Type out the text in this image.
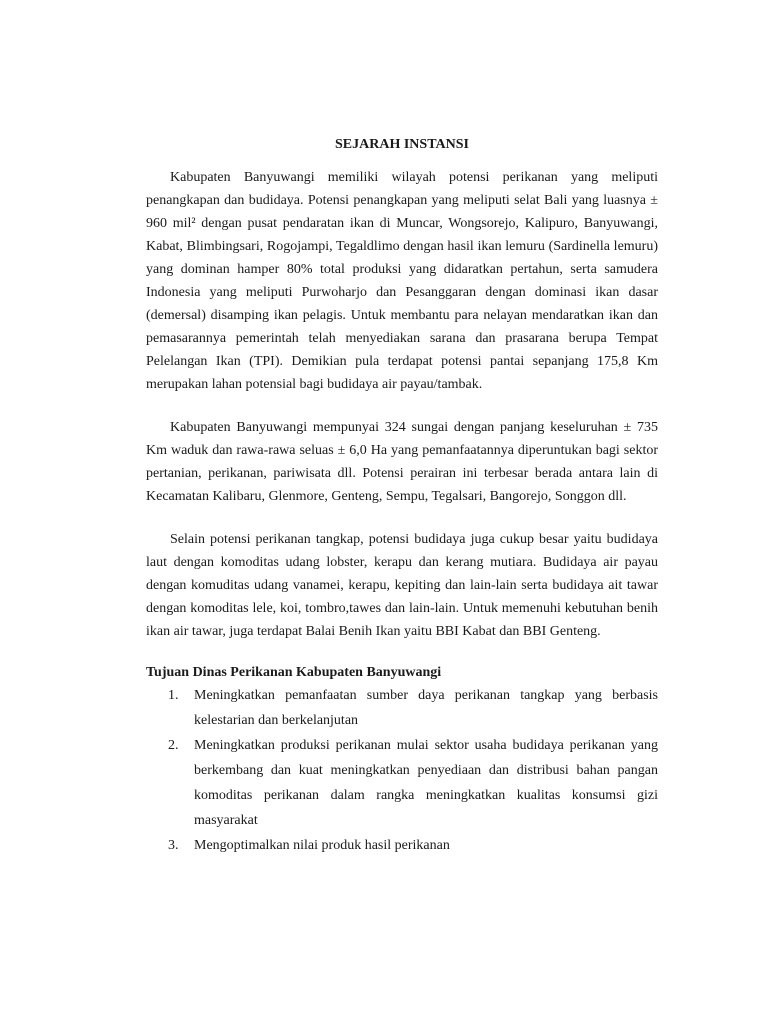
SEJARAH INSTANSI

Kabupaten Banyuwangi memiliki wilayah potensi perikanan yang meliputi penangkapan dan budidaya. Potensi penangkapan yang meliputi selat Bali yang luasnya ± 960 mil² dengan pusat pendaratan ikan di Muncar, Wongsorejo, Kalipuro, Banyuwangi, Kabat, Blimbingsari, Rogojampi, Tegaldlimo dengan hasil ikan lemuru (Sardinella lemuru) yang dominan hamper 80% total produksi yang didaratkan pertahun, serta samudera Indonesia yang meliputi Purwoharjo dan Pesanggaran dengan dominasi ikan dasar (demersal) disamping ikan pelagis. Untuk membantu para nelayan mendaratkan ikan dan pemasarannya pemerintah telah menyediakan sarana dan prasarana berupa Tempat Pelelangan Ikan (TPI). Demikian pula terdapat potensi pantai sepanjang 175,8 Km merupakan lahan potensial bagi budidaya air payau/tambak.

Kabupaten Banyuwangi mempunyai 324 sungai dengan panjang keseluruhan ± 735 Km waduk dan rawa-rawa seluas ± 6,0 Ha yang pemanfaatannya diperuntukan bagi sektor pertanian, perikanan, pariwisata dll. Potensi perairan ini terbesar berada antara lain di Kecamatan Kalibaru, Glenmore, Genteng, Sempu, Tegalsari, Bangorejo, Songgon dll.

Selain potensi perikanan tangkap, potensi budidaya juga cukup besar yaitu budidaya laut dengan komoditas udang lobster, kerapu dan kerang mutiara. Budidaya air payau dengan komuditas udang vanamei, kerapu, kepiting dan lain-lain serta budidaya ait tawar dengan komoditas lele, koi, tombro,tawes dan lain-lain. Untuk memenuhi kebutuhan benih ikan air tawar, juga terdapat Balai Benih Ikan yaitu BBI Kabat dan BBI Genteng.

Tujuan Dinas Perikanan Kabupaten Banyuwangi
1. Meningkatkan pemanfaatan sumber daya perikanan tangkap yang berbasis kelestarian dan berkelanjutan
2. Meningkatkan produksi perikanan mulai sektor usaha budidaya perikanan yang berkembang dan kuat meningkatkan penyediaan dan distribusi bahan pangan komoditas perikanan dalam rangka meningkatkan kualitas konsumsi gizi masyarakat
3. Mengoptimalkan nilai produk hasil perikanan
